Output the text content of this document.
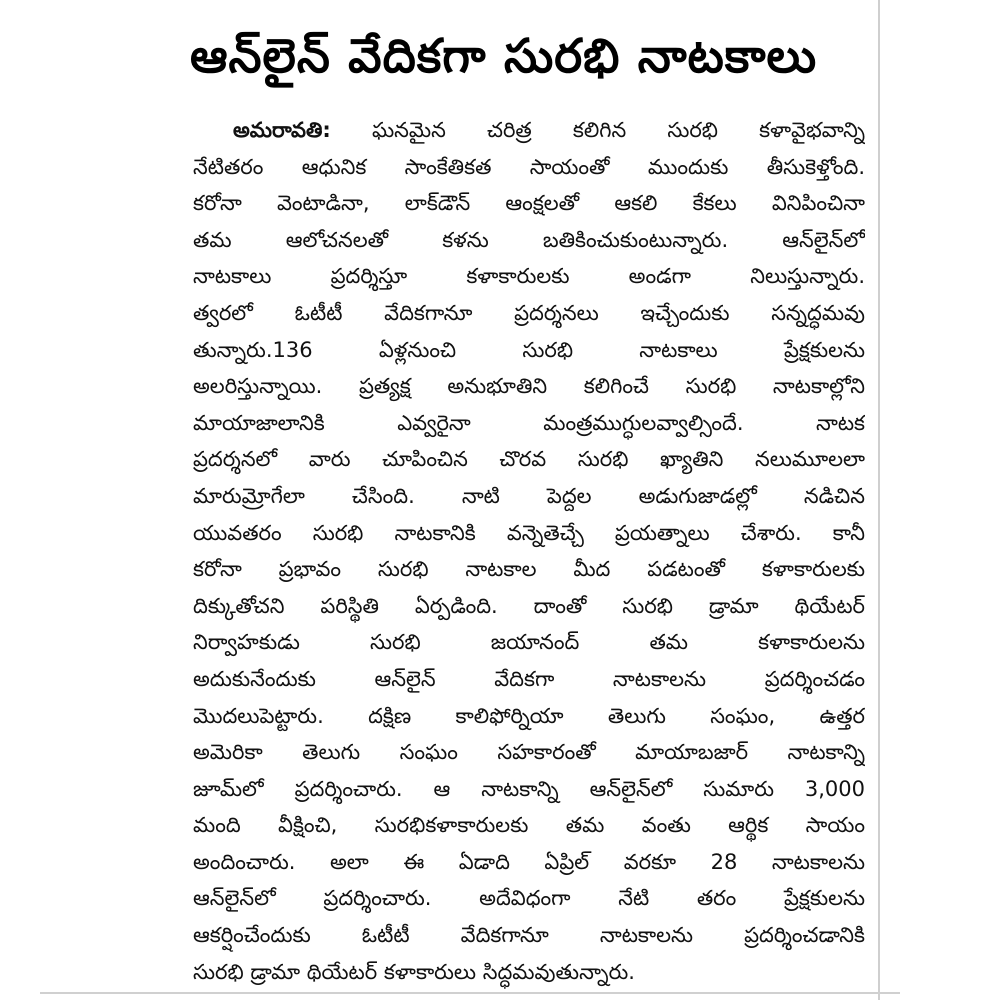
ఆన్‌లైన్‌ వేదికగా సురభి నాటకాలు
అమరావతి: ఘనమైన చరిత్ర కలిగిన సురభి కళావైభవాన్ని
నేటితరం ఆధునిక సాంకేతికత సాయంతో ముందుకు తీసుకెళ్తోంది.
కరోనా వెంటాడినా, లాక్‌డౌన్‌ ఆంక్షలతో ఆకలి కేకలు వినిపించినా
తమ ఆలోచనలతో కళను బతికించుకుంటున్నారు. ఆన్‌లైన్‌లో
నాటకాలు ప్రదర్శిస్తూ కళాకారులకు అండగా నిలుస్తున్నారు.
త్వరలో ఓటీటీ వేదికగానూ ప్రదర్శనలు ఇచ్చేందుకు సన్నద్ధమవు
తున్నారు.136 ఏళ్లనుంచి సురభి నాటకాలు ప్రేక్షకులను
అలరిస్తున్నాయి. ప్రత్యక్ష అనుభూతిని కలిగించే సురభి నాటకాల్లోని
మాయాజాలానికి ఎవ్వరైనా మంత్రముగ్ధులవ్వాల్సిందే. నాటక
ప్రదర్శనలో వారు చూపించిన చొరవ సురభి ఖ్యాతిని నలుమూలలా
మారుమ్రోగేలా చేసింది. నాటి పెద్దల అడుగుజాడల్లో నడిచిన
యువతరం సురభి నాటకానికి వన్నెతెచ్చే ప్రయత్నాలు చేశారు. కానీ
కరోనా ప్రభావం సురభి నాటకాల మీద పడటంతో కళాకారులకు
దిక్కుతోచని పరిస్థితి ఏర్పడింది. దాంతో సురభి డ్రామా థియేటర్‌
నిర్వాహకుడు సురభి జయానంద్‌ తమ కళాకారులను
అదుకునేందుకు ఆన్‌లైన్‌ వేదికగా నాటకాలను ప్రదర్శించడం
మొదలుపెట్టారు. దక్షిణ కాలిఫోర్నియా తెలుగు సంఘం, ఉత్తర
అమెరికా తెలుగు సంఘం సహకారంతో మాయాబజార్‌ నాటకాన్ని
జూమ్‌లో ప్రదర్శించారు. ఆ నాటకాన్ని ఆన్‌లైన్‌లో సుమారు 3,000
మంది వీక్షించి, సురభికళాకారులకు తమ వంతు ఆర్థిక సాయం
అందించారు. అలా ఈ ఏడాది ఏప్రిల్‌ వరకూ 28 నాటకాలను
ఆన్‌లైన్‌లో ప్రదర్శించారు. అదేవిధంగా నేటి తరం ప్రేక్షకులను
ఆకర్షించేందుకు ఓటీటీ వేదికగానూ నాటకాలను ప్రదర్శించడానికి
సురభి డ్రామా థియేటర్‌ కళాకారులు సిద్ధమవుతున్నారు.
